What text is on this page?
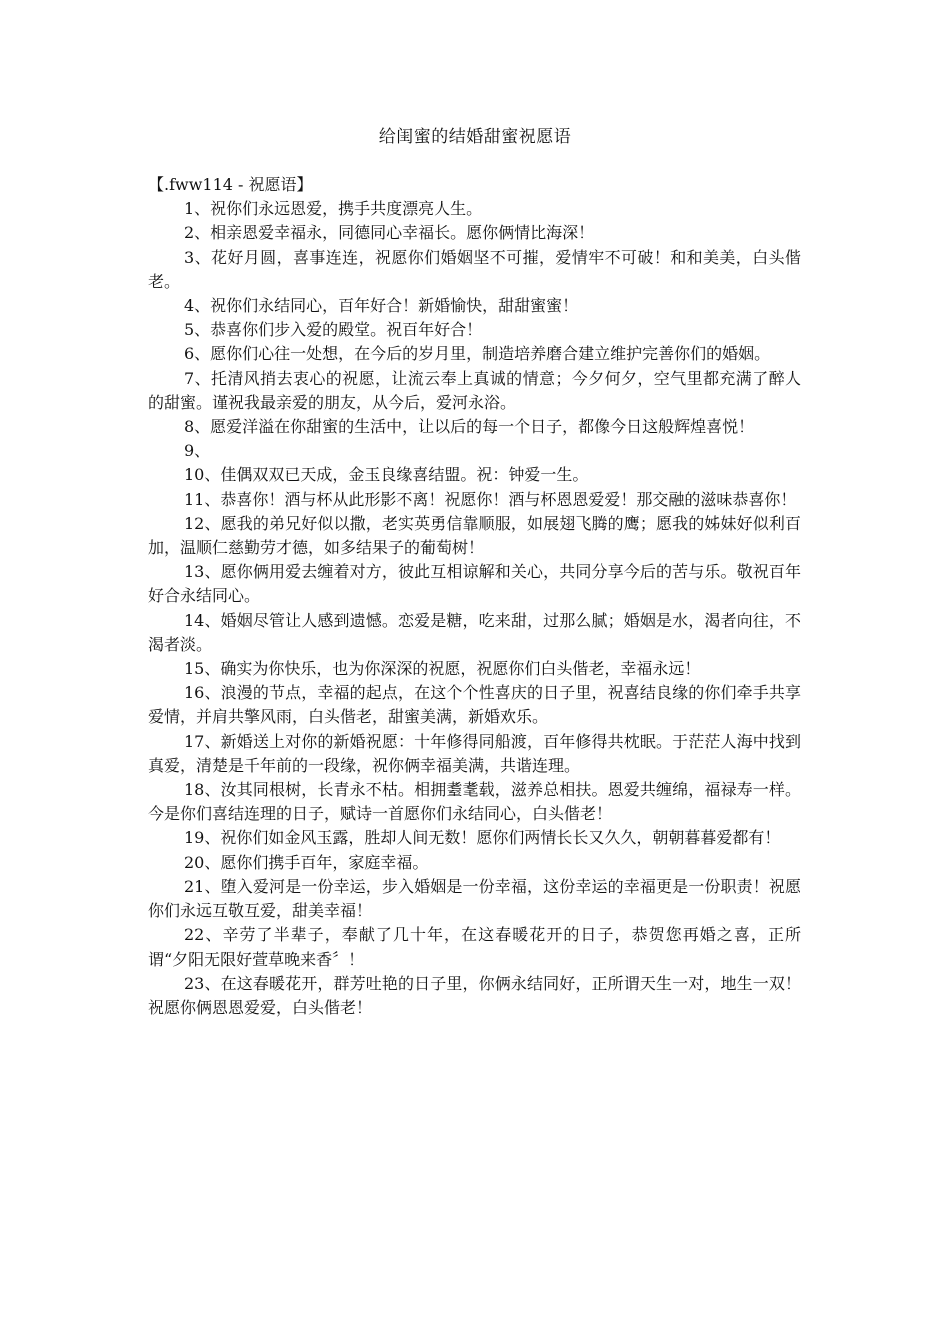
给闺蜜的结婚甜蜜祝愿语

【.fww114 - 祝愿语】

1、祝你们永远恩爱，携手共度漂亮人生。

2、相亲恩爱幸福永，同德同心幸福长。愿你俩情比海深！

3、花好月圆，喜事连连，祝愿你们婚姻坚不可摧，爱情牢不可破！和和美美，白头偕老。

4、祝你们永结同心，百年好合！新婚愉快，甜甜蜜蜜！

5、恭喜你们步入爱的殿堂。祝百年好合！

6、愿你们心往一处想，在今后的岁月里，制造培养磨合建立维护完善你们的婚姻。

7、托清风捎去衷心的祝愿，让流云奉上真诚的情意；今夕何夕，空气里都充满了醉人的甜蜜。谨祝我最亲爱的朋友，从今后，爱河永浴。

8、愿爱洋溢在你甜蜜的生活中，让以后的每一个日子，都像今日这般辉煌喜悦！

9、

10、佳偶双双已天成，金玉良缘喜结盟。祝：钟爱一生。

11、恭喜你！酒与杯从此形影不离！祝愿你！酒与杯恩恩爱爱！那交融的滋味恭喜你！

12、愿我的弟兄好似以撒，老实英勇信靠顺服，如展翅飞腾的鹰；愿我的姊妹好似利百加，温顺仁慈勤劳才德，如多结果子的葡萄树！

13、愿你俩用爱去缠着对方，彼此互相谅解和关心，共同分享今后的苦与乐。敬祝百年好合永结同心。

14、婚姻尽管让人感到遗憾。恋爱是糖，吃来甜，过那么腻；婚姻是水，渴者向往，不渴者淡。

15、确实为你快乐，也为你深深的祝愿，祝愿你们白头偕老，幸福永远！

16、浪漫的节点，幸福的起点，在这个个性喜庆的日子里，祝喜结良缘的你们牵手共享爱情，并肩共擎风雨，白头偕老，甜蜜美满，新婚欢乐。

17、新婚送上对你的新婚祝愿：十年修得同船渡，百年修得共枕眠。于茫茫人海中找到真爱，清楚是千年前的一段缘，祝你俩幸福美满，共谐连理。

18、汝其同根树，长青永不枯。相拥耋耄载，滋养总相扶。恩爱共缠绵，福禄寿一样。今是你们喜结连理的日子，赋诗一首愿你们永结同心，白头偕老！

19、祝你们如金风玉露，胜却人间无数！愿你们两情长长又久久，朝朝暮暮爱都有！

20、愿你们携手百年，家庭幸福。

21、堕入爱河是一份幸运，步入婚姻是一份幸福，这份幸运的幸福更是一份职责！祝愿你们永远互敬互爱，甜美幸福！

22、辛劳了半辈子，奉献了几十年，在这春暖花开的日子，恭贺您再婚之喜，正所谓“夕阳无限好萱草晚来香〞！

23、在这春暖花开，群芳吐艳的日子里，你俩永结同好，正所谓天生一对，地生一双！祝愿你俩恩恩爱爱，白头偕老！
